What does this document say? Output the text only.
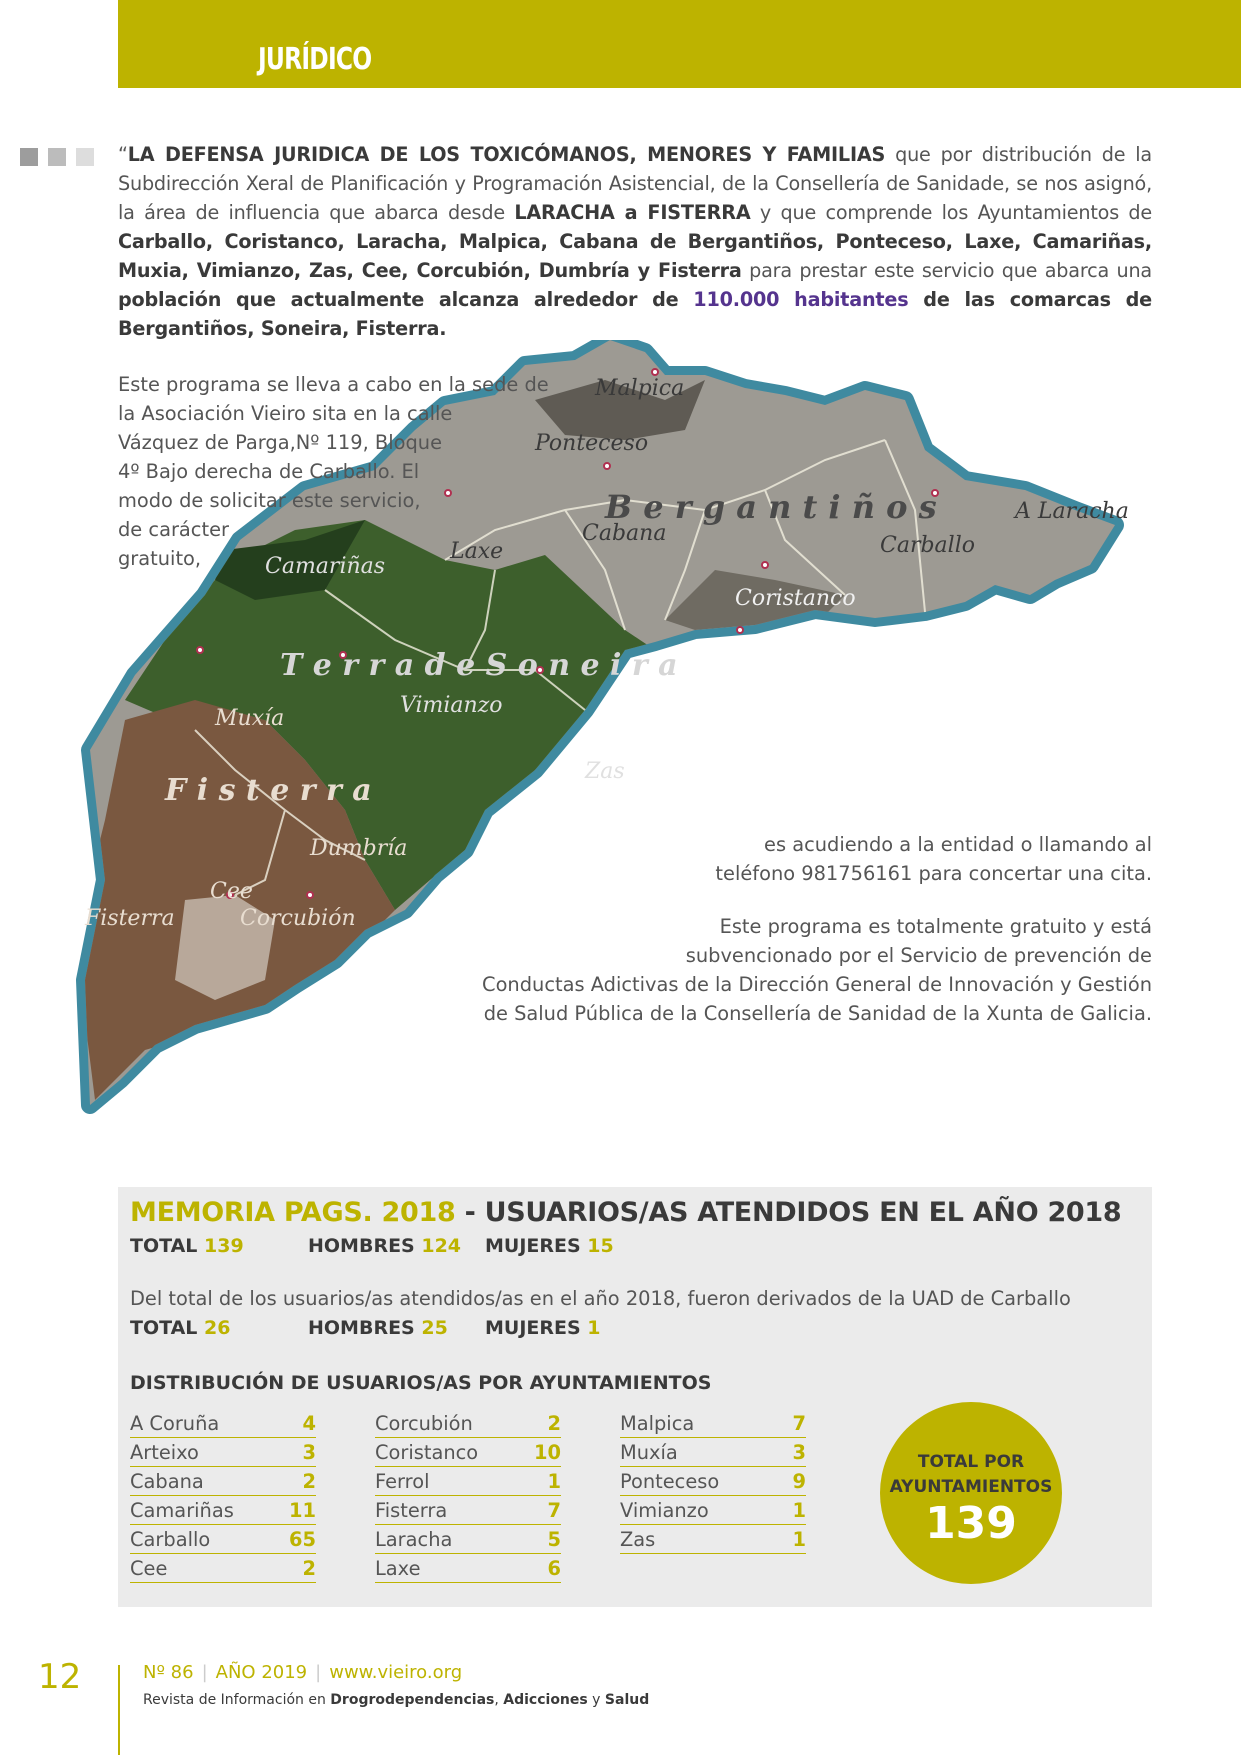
JURÍDICO

“LA DEFENSA JURIDICA DE LOS TOXICÓMANOS, MENORES Y FAMILIAS que por distribución de la Subdirección Xeral de Planificación y Programación Asistencial, de la Consellería de Sanidade, se nos asignó, la área de influencia que abarca desde LARACHA a FISTERRA y que comprende los Ayuntamientos de Carballo, Coristanco, Laracha, Malpica, Cabana de Bergantiños, Ponteceso, Laxe, Camariñas, Muxia, Vimianzo, Zas, Cee, Corcubión, Dumbría y Fisterra para prestar este servicio que abarca una población que actualmente alcanza alrededor de 110.000 habitantes de las comarcas de Bergantiños, Soneira, Fisterra.

B e r g a n t i ñ o s
T e r r a d e S o n e i r a
F i s t e r r a
Malpica
Ponteceso
A Laracha
Cabana
Laxe	Carballo
Coristanco
Camariñas
Vimianzo
Zas
Muxía
Dumbría
Cee
Fisterra	Corcubión
Este programa se lleva a cabo en la sede de
la Asociación Vieiro sita en la calle
Vázquez de Parga,Nº 119, Bloque
4º Bajo derecha de Carballo. El
modo de solicitar este servicio,
de carácter
gratuito,
es acudiendo a la entidad o llamando al
teléfono 981756161 para concertar una cita.
Este programa es totalmente gratuito y está
subvencionado por el Servicio de prevención de
Conductas Adictivas de la Dirección General de Innovación y Gestión
de Salud Pública de la Consellería de Sanidad de la Xunta de Galicia.
MEMORIA PAGS. 2018 - USUARIOS/AS ATENDIDOS EN EL AÑO 2018
TOTAL 139	HOMBRES 124 MUJERES 15
Del total de los usuarios/as atendidos/as en el año 2018, fueron derivados de la UAD de Carballo
TOTAL 26	HOMBRES 25 MUJERES 1
DISTRIBUCIÓN DE USUARIOS/AS POR AYUNTAMIENTOS
A Coruña	4
Arteixo	3
Cabana	2
Camariñas	11
Carballo	65
Cee	2
Corcubión	2
Coristanco	10
Ferrol	1
Fisterra	7
Laracha	5
Laxe	6
Malpica	7
Muxía	3
Ponteceso	9
Vimianzo	1
Zas	1
TOTAL POR
AYUNTAMIENTOS
139
12	Nº 86 | AÑO 2019 | www.vieiro.org
Revista de Información en Drogrodependencias, Adicciones y Salud
